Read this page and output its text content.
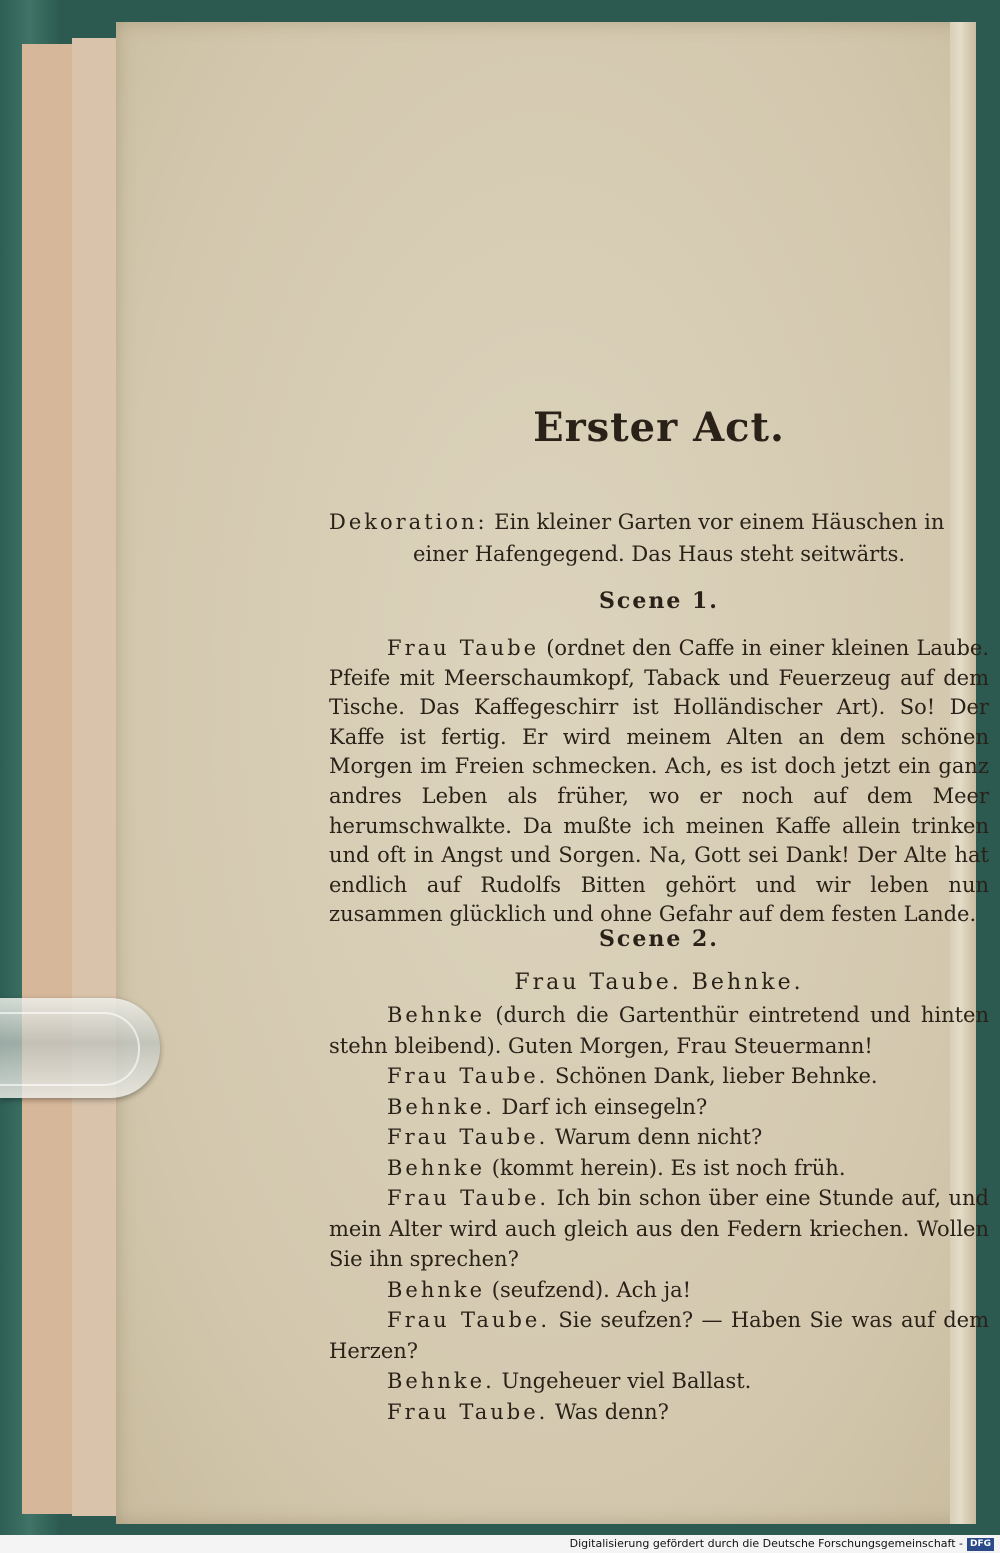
Erster Act.
Dekoration: Ein kleiner Garten vor einem Häuschen in
einer Hafengegend. Das Haus steht seitwärts.
Scene 1.
Frau Taube (ordnet den Caffe in einer kleinen Laube. Pfeife mit Meerschaumkopf, Taback und Feuerzeug auf dem Tische. Das Kaffegeschirr ist Holländischer Art). So! Der Kaffe ist fertig. Er wird meinem Alten an dem schönen Morgen im Freien schmecken. Ach, es ist doch jetzt ein ganz andres Leben als früher, wo er noch auf dem Meer herumschwalkte. Da mußte ich meinen Kaffe allein trinken und oft in Angst und Sorgen. Na, Gott sei Dank! Der Alte hat endlich auf Rudolfs Bitten gehört und wir leben nun zusammen glücklich und ohne Gefahr auf dem festen Lande.
Scene 2.
Frau Taube. Behnke.

Behnke (durch die Gartenthür eintretend und hinten stehn bleibend). Guten Morgen, Frau Steuermann!

Frau Taube. Schönen Dank, lieber Behnke.

Behnke. Darf ich einsegeln?

Frau Taube. Warum denn nicht?

Behnke (kommt herein). Es ist noch früh.

Frau Taube. Ich bin schon über eine Stunde auf, und mein Alter wird auch gleich aus den Federn kriechen. Wollen Sie ihn sprechen?

Behnke (seufzend). Ach ja!

Frau Taube. Sie seufzen? — Haben Sie was auf dem Herzen?

Behnke. Ungeheuer viel Ballast.

Frau Taube. Was denn?

Digitalisierung gefördert durch die Deutsche Forschungsgemeinschaft - DFG
